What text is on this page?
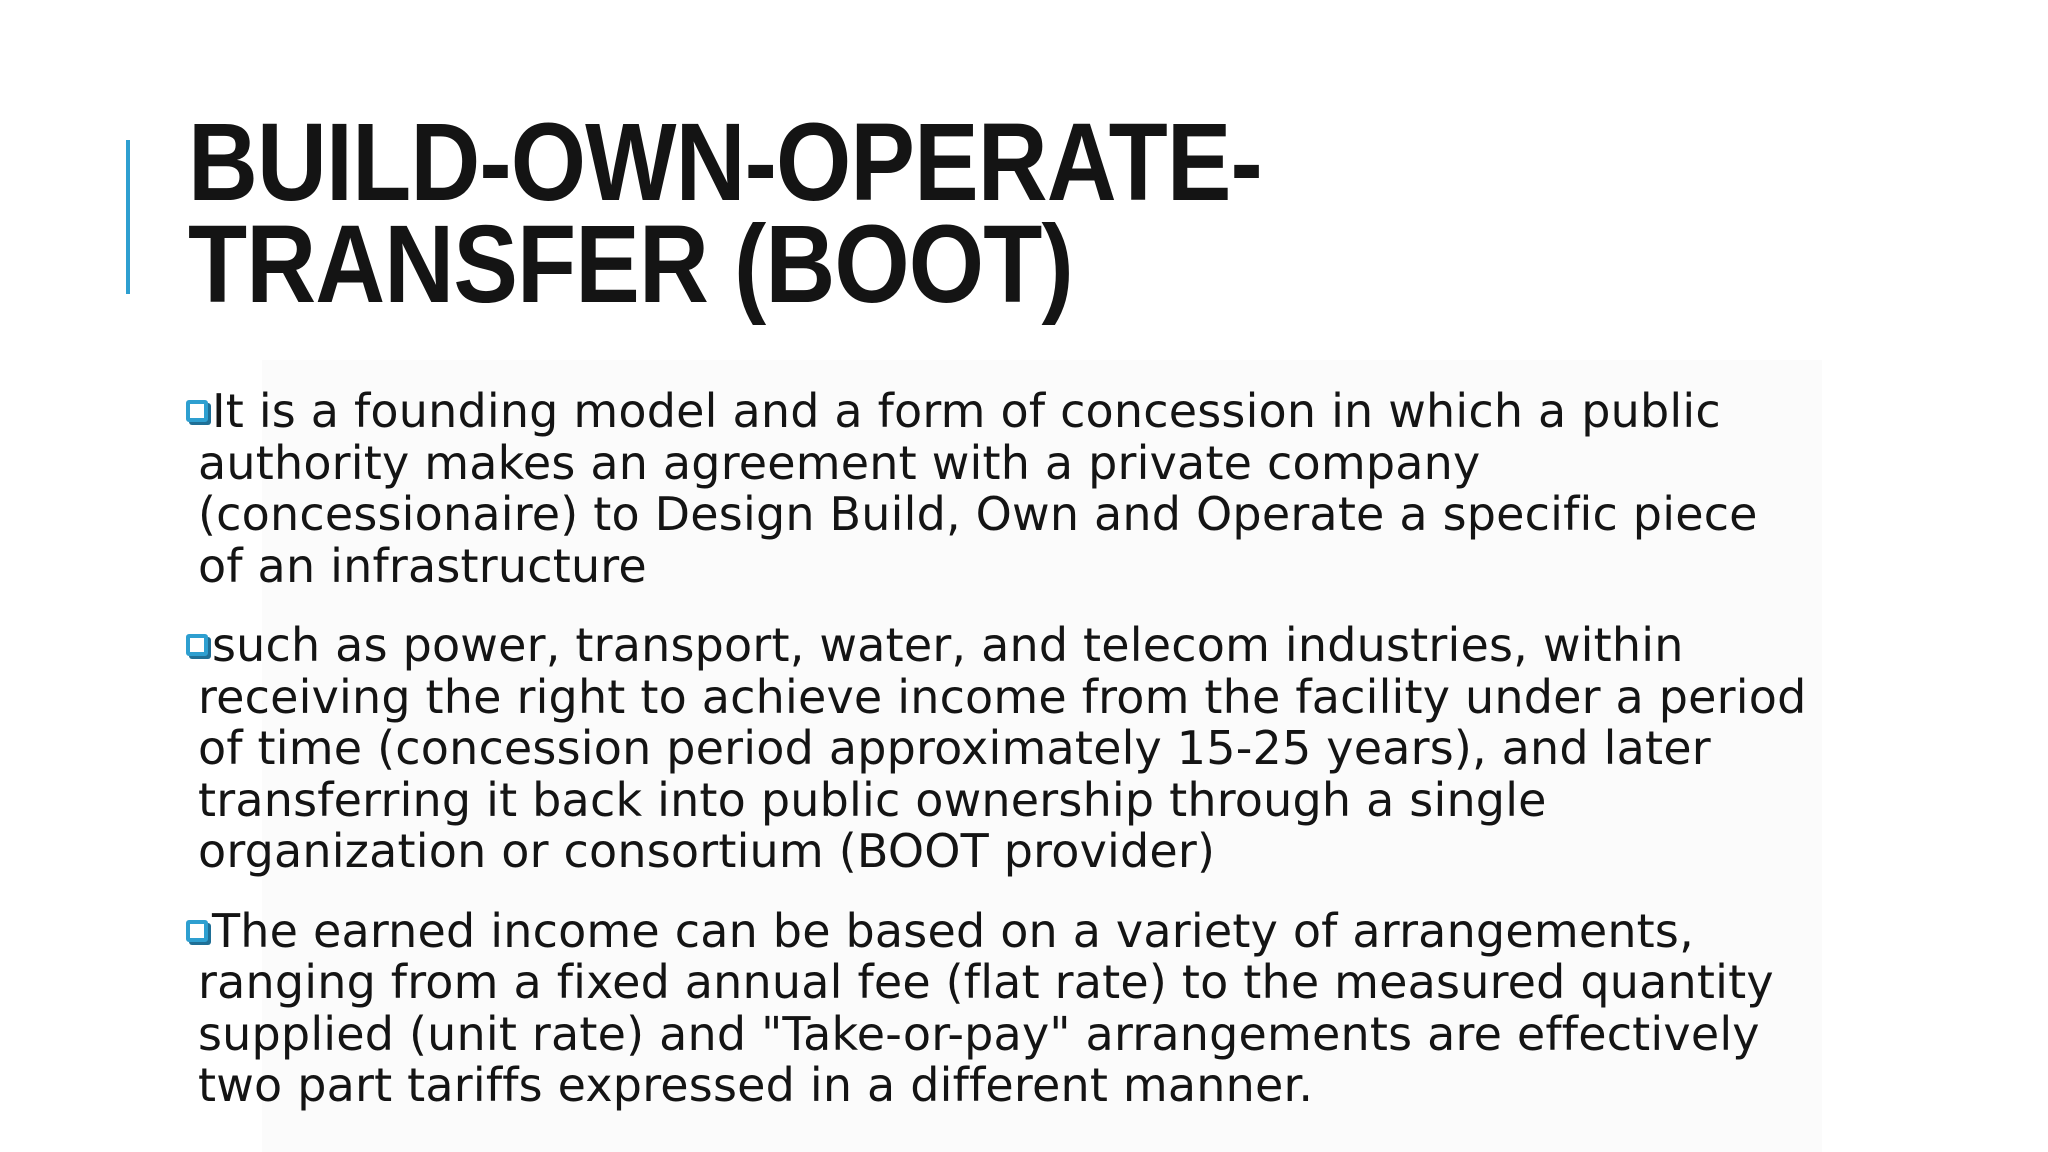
BUILD-OWN-OPERATE-TRANSFER (BOOT)
It is a founding model and a form of concession in which a public authority makes an agreement with a private company (concessionaire) to Design Build, Own and Operate a specific piece of an infrastructure
such as power, transport, water, and telecom industries, within receiving the right to achieve income from the facility under a period of time (concession period approximately 15-25 years), and later transferring it back into public ownership through a single organization or consortium (BOOT provider)
The earned income can be based on a variety of arrangements, ranging from a fixed annual fee (flat rate) to the measured quantity supplied (unit rate) and "Take-or-pay" arrangements are effectively two part tariffs expressed in a different manner.
